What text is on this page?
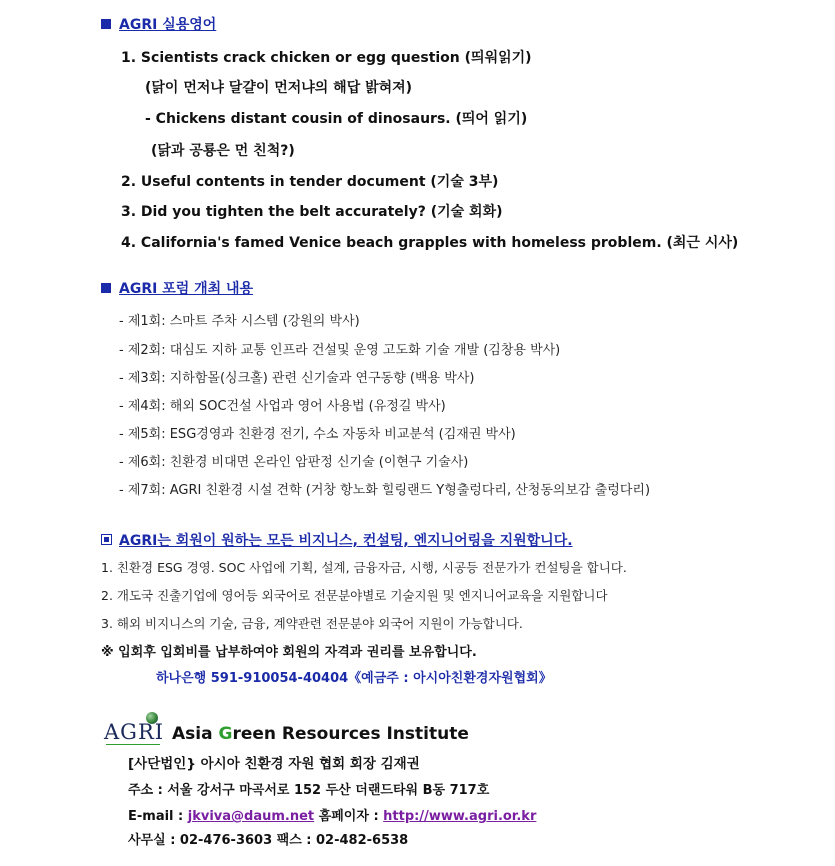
AGRI 실용영어
1. Scientists crack chicken or egg question (띄워읽기)
(닭이 먼저냐 달걀이 먼저냐의 해답 밝혀져)
- Chickens distant cousin of dinosaurs. (띄어 읽기)
(닭과 공룡은 먼 친척?)
2. Useful contents in tender document (기술 3부)
3. Did you tighten the belt accurately? (기술 회화)
4. California's famed Venice beach grapples with homeless problem. (최근 시사)
AGRI 포럼 개최 내용
- 제1회: 스마트 주차 시스템 (강원의 박사)
- 제2회: 대심도 지하 교통 인프라 건설및 운영 고도화 기술 개발 (김창용 박사)
- 제3회: 지하함몰(싱크홀) 관련 신기술과 연구동향 (백용 박사)
- 제4회: 해외 SOC건설 사업과 영어 사용법 (유정길 박사)
- 제5회: ESG경영과 친환경 전기, 수소 자동차 비교분석 (김재권 박사)
- 제6회: 친환경 비대면 온라인 암판정 신기술 (이현구 기술사)
- 제7회: AGRI 친환경 시설 견학 (거창 항노화 힐링랜드 Y형출렁다리, 산청동의보감 출렁다리)
AGRI는 회원이 원하는 모든 비지니스, 컨설팅, 엔지니어링을 지원합니다.
1. 친환경 ESG 경영. SOC 사업에 기획, 설계, 금융자금, 시행, 시공등 전문가가 컨설팅을 합니다.
2. 개도국 진출기업에 영어등 외국어로 전문분야별로 기술지원 및 엔지니어교육을 지원합니다
3. 해외 비지니스의 기술, 금융, 계약관련 전문분야 외국어 지원이 가능합니다.
※ 입회후 입회비를 납부하여야 회원의 자격과 권리를 보유합니다.
하나은행 591-910054-40404《예금주 : 아시아친환경자원협회》
AGRI Asia Green Resources Institute
[사단법인} 아시아 친환경 자원 협회 회장 김재권
주소 : 서울 강서구 마곡서로 152 두산 더랜드타워 B동 717호
E-mail : jkviva@daum.net 홈페이자 : http://www.agri.or.kr
사무실 : 02-476-3603 팩스 : 02-482-6538
